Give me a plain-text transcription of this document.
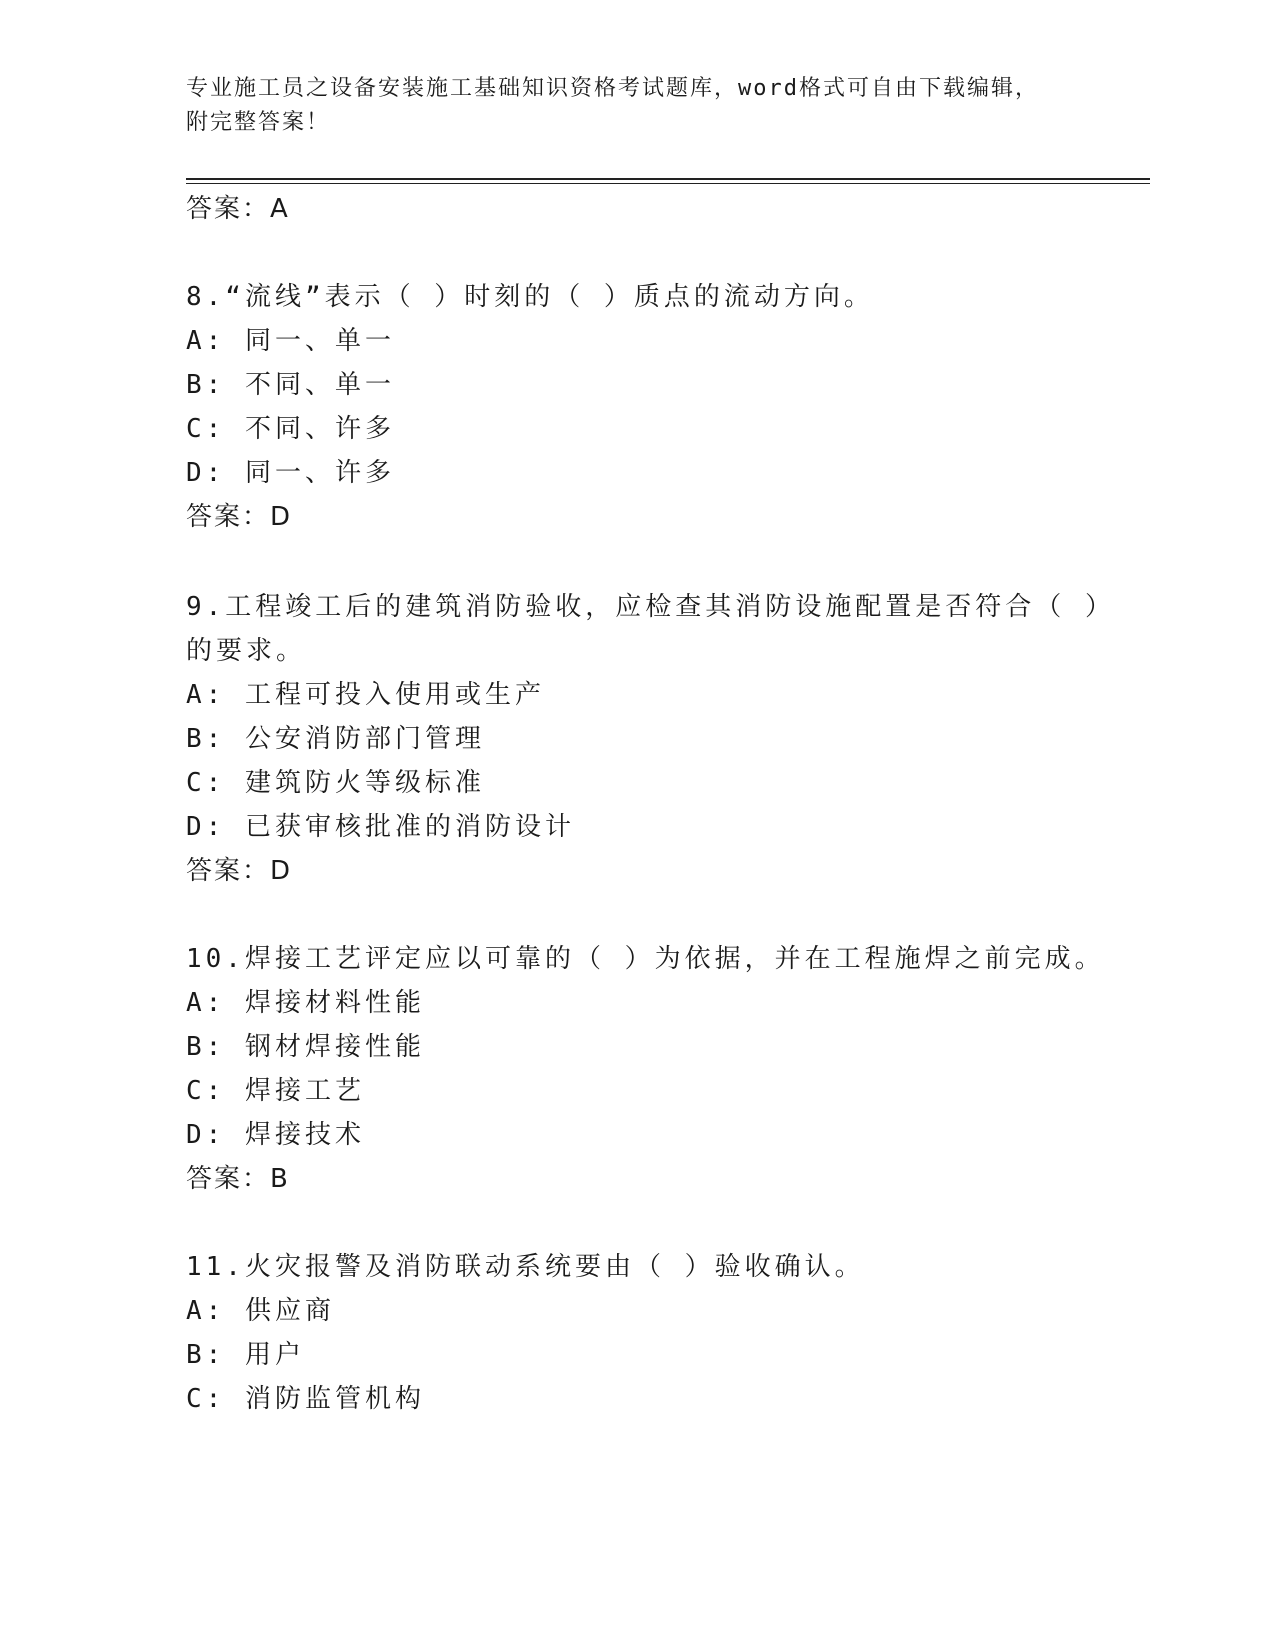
专业施工员之设备安装施工基础知识资格考试题库，word格式可自由下载编辑，
附完整答案！
答案：A
8.“流线”表示（ ）时刻的（ ）质点的流动方向。
A: 同一、单一
B: 不同、单一
C: 不同、许多
D: 同一、许多
答案：D
9.工程竣工后的建筑消防验收，应检查其消防设施配置是否符合（ ）
的要求。
A: 工程可投入使用或生产
B: 公安消防部门管理
C: 建筑防火等级标准
D: 已获审核批准的消防设计
答案：D
10.焊接工艺评定应以可靠的（ ）为依据，并在工程施焊之前完成。
A: 焊接材料性能
B: 钢材焊接性能
C: 焊接工艺
D: 焊接技术
答案：B
11.火灾报警及消防联动系统要由（ ）验收确认。
A: 供应商
B: 用户
C: 消防监管机构
